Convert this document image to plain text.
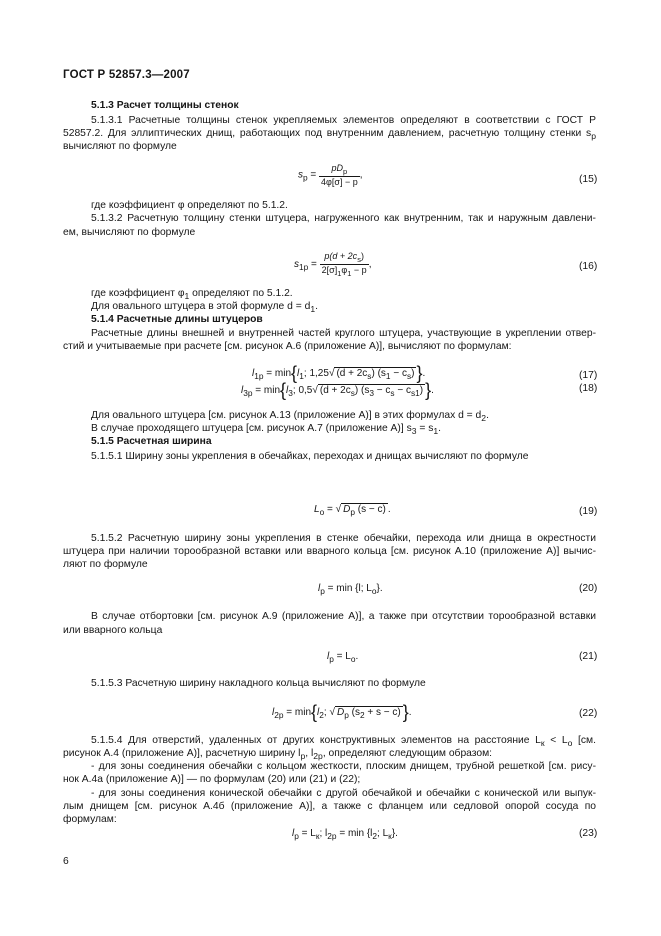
ГОСТ Р 52857.3—2007
5.1.3 Расчет толщины стенок
5.1.3.1 Расчетные толщины стенок укрепляемых элементов определяют в соответствии с ГОСТ Р
52857.2. Для эллиптических днищ, работающих под внутренним давлением, расчетную толщину стенки $s_р$
вычисляют по формуле
$s_p = \frac{pD_p}{4\varphi[\sigma] - p}$ ,	(15)
где коэффициент φ определяют по 5.1.2.
5.1.3.2 Расчетную толщину стенки штуцера, нагруженного как внутренним, так и наружным давлени-
ем, вычисляют по формуле
$s_{1p} = \frac{p(d + 2c_s)}{2[\sigma]_1\varphi_1 - p}$ ,	(16)
где коэффициент $\varphi_1$ определяют по 5.1.2.
Для овального штуцера в этой формуле $d = d_1$.
5.1.4 Расчетные длины штуцеров
Расчетные длины внешней и внутренней частей круглого штуцера, участвующие в укреплении отвер-
стий и учитываемые при расчете [см. рисунок А.6 (приложение А)], вычисляют по формулам:
$l_{1p} = \min\{l_1$; 1,25√ $(d + 2c_s)$ $(s_1 - c_s)$ }.	(17)
$l_{3p} = \min\{l_3$; 0,5√ $(d + 2c_s)$ $(s_3 - c_s - c_{s1})$ }.	(18)
Для овального штуцера [см. рисунок А.13 (приложение А)] в этих формулах $d = d_2$.
В случае проходящего штуцера [см. рисунок А.7 (приложение А)] $s_3 = s_1$.
5.1.5 Расчетная ширина
5.1.5.1 Ширину зоны укрепления в обечайках, переходах и днищах вычисляют по формуле
$L_o$ = √ $D_p$ (s − c) .	(19)
5.1.5.2 Расчетную ширину зоны укрепления в стенке обечайки, перехода или днища в окрестности
штуцера при наличии торообразной вставки или вварного кольца [см. рисунок А.10 (приложение А)] вычис-
ляют по формуле
$l_p = \min \{l$; $L_o$}.	(20)
В случае отбортовки [см. рисунок А.9 (приложение А)], а также при отсутствии торообразной вставки
или вварного кольца
$l_p = L_o$.	(21)
5.1.5.3 Расчетную ширину накладного кольца вычисляют по формуле
$l_{2p} = \min\{l_2$; √ $D_p$ $(s_2 + s - c)$ }.	(22)
5.1.5.4 Для отверстий, удаленных от других конструктивных элементов на расстояние $L_к < L_о$ [см.
рисунок А.4 (приложение А)], расчетную ширину $l_р$, $l_{2р}$, определяют следующим образом:
- для зоны соединения обечайки с кольцом жесткости, плоским днищем, трубной решеткой [см. рису-
нок А.4а (приложение А)] — по формулам (20) или (21) и (22);
- для зоны соединения конической обечайки с другой обечайкой и обечайки с конической или выпук-
лым днищем [см. рисунок А.4б (приложение А)], а также с фланцем или седловой опорой сосуда по
формулам:
$l_p = L_к$; $l_{2p} = \min \{l_2$; $L_к$}.	(23)
6
